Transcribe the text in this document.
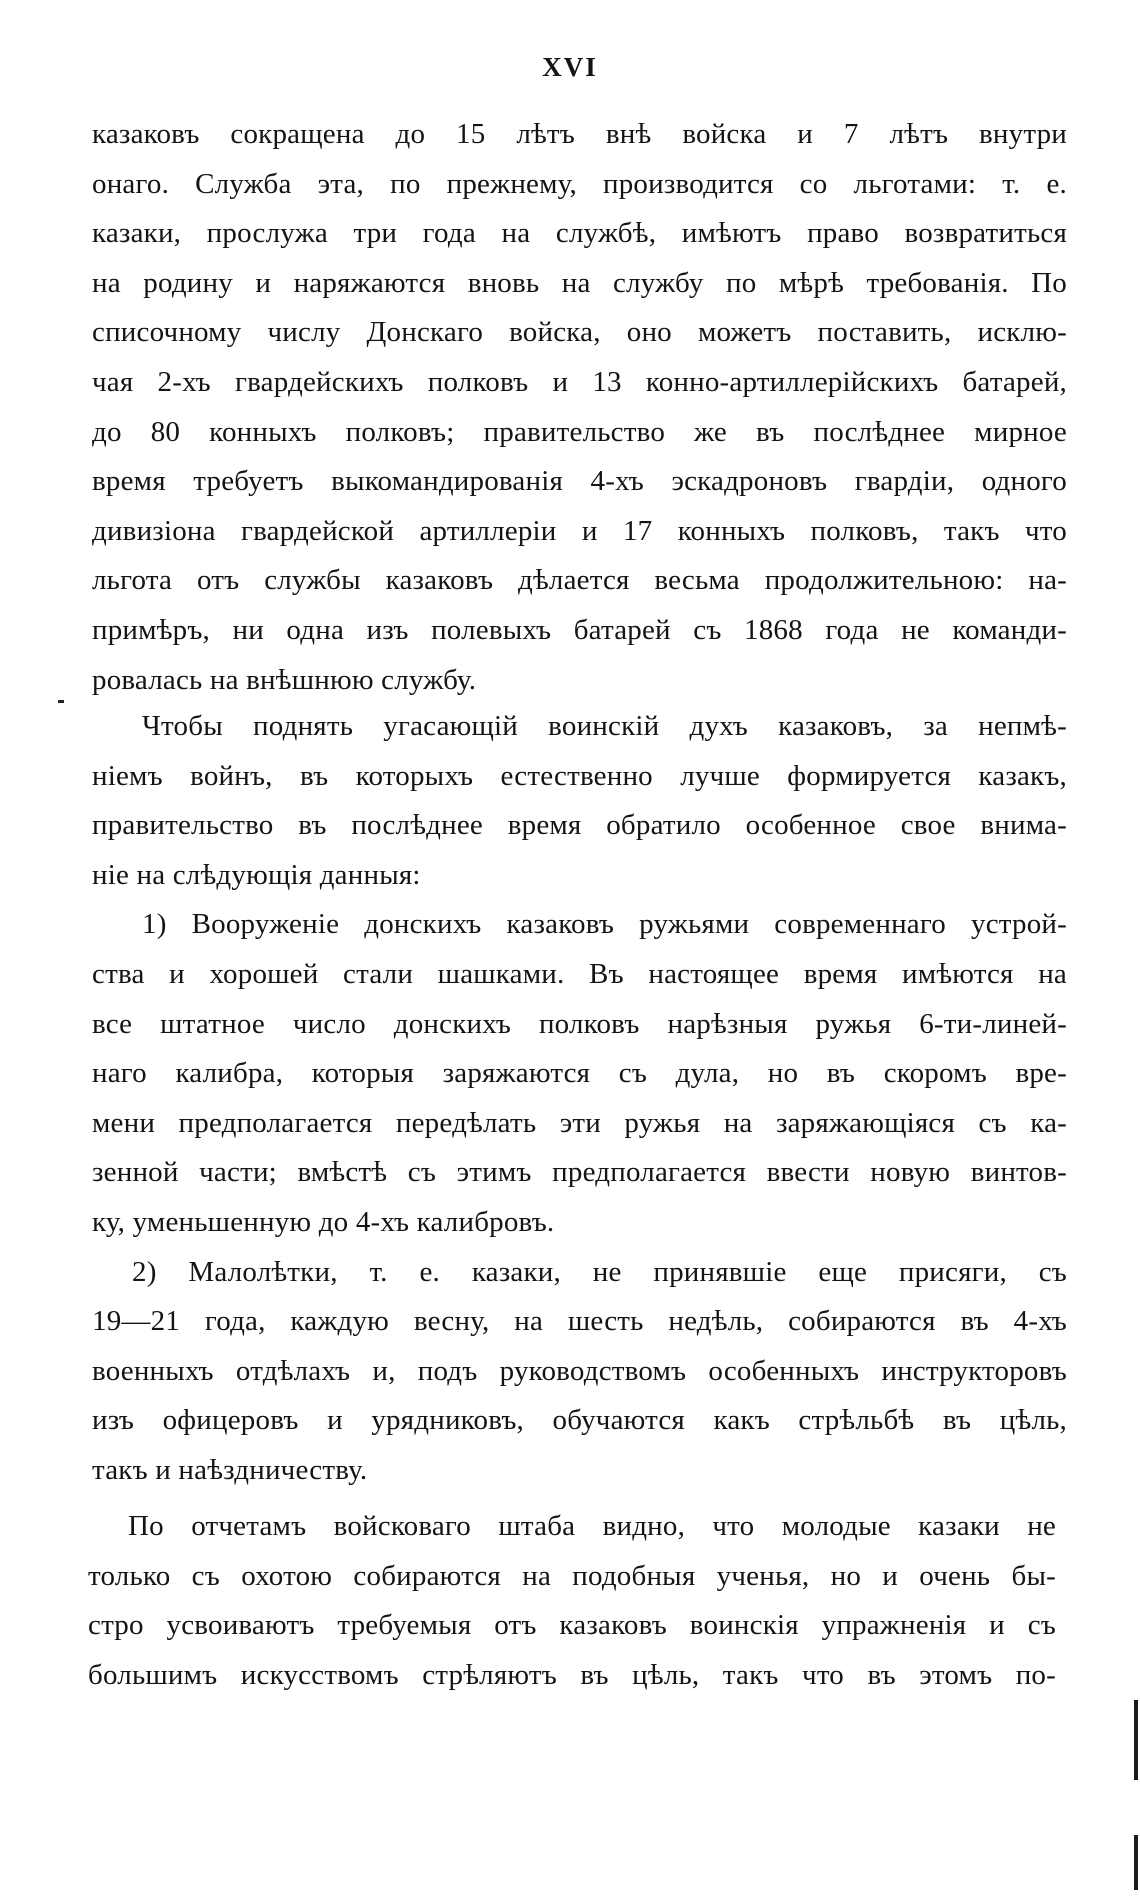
XVI
казаковъ сокращена до 15 лѣтъ внѣ войска и 7 лѣтъ внутри
онаго. Служба эта, по прежнему, производится со льготами: т. е.
казаки, прослужа три года на службѣ, имѣютъ право возвратиться
на родину и наряжаются вновь на службу по мѣрѣ требованія. По
списочному числу Донскаго войска, оно можетъ поставить, исклю-
чая 2-хъ гвардейскихъ полковъ и 13 конно-артиллерійскихъ батарей,
до 80 конныхъ полковъ; правительство же въ послѣднее мирное
время требуетъ выкомандированія 4-хъ эскадроновъ гвардіи, одного
дивизіона гвардейской артиллеріи и 17 конныхъ полковъ, такъ что
льгота отъ службы казаковъ дѣлается весьма продолжительною: на-
примѣръ, ни одна изъ полевыхъ батарей съ 1868 года не команди-
ровалась на внѣшнюю службу.
Чтобы поднять угасающій воинскій духъ казаковъ, за непмѣ-
ніемъ войнъ, въ которыхъ естественно лучше формируется казакъ,
правительство въ послѣднее время обратило особенное свое внима-
ніе на слѣдующія данныя:
1) Вооруженіе донскихъ казаковъ ружьями современнаго устрой-
ства и хорошей стали шашками. Въ настоящее время имѣются на
все штатное число донскихъ полковъ нарѣзныя ружья 6-ти-линей-
наго калибра, которыя заряжаются съ дула, но въ скоромъ вре-
мени предполагается передѣлать эти ружья на заряжающіяся съ ка-
зенной части; вмѣстѣ съ этимъ предполагается ввести новую винтов-
ку, уменьшенную до 4-хъ калибровъ.
2) Малолѣтки, т. е. казаки, не принявшіе еще присяги, съ
19—21 года, каждую весну, на шесть недѣль, собираются въ 4-хъ
военныхъ отдѣлахъ и, подъ руководствомъ особенныхъ инструкторовъ
изъ офицеровъ и урядниковъ, обучаются какъ стрѣльбѣ въ цѣль,
такъ и наѣздничеству.
По отчетамъ войсковаго штаба видно, что молодые казаки не
только съ охотою собираются на подобныя ученья, но и очень бы-
стро усвоиваютъ требуемыя отъ казаковъ воинскія упражненія и съ
большимъ искусствомъ стрѣляютъ въ цѣль, такъ что въ этомъ по-
